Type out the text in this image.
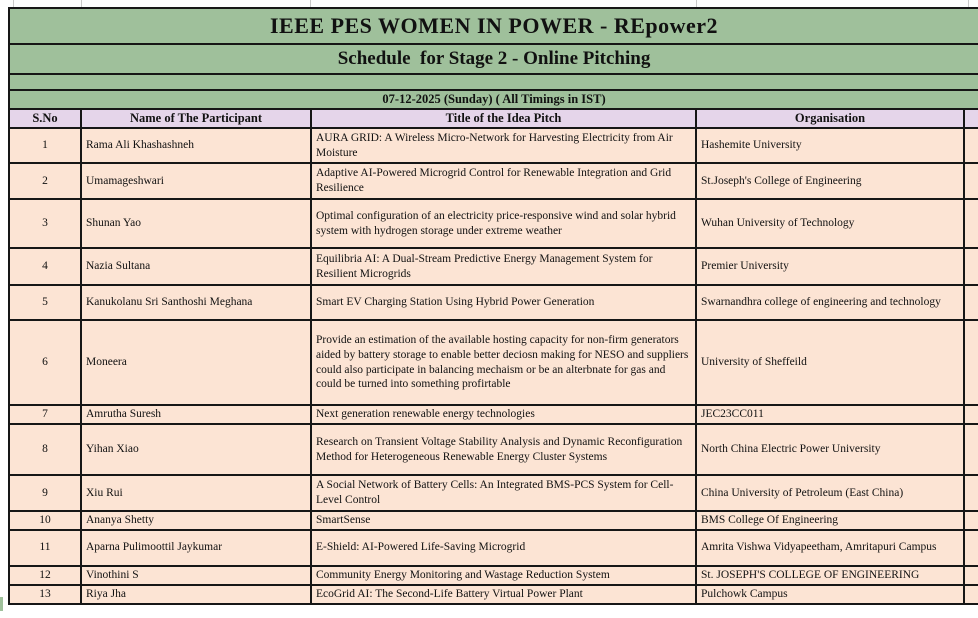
IEEE PES WOMEN IN POWER - REpower2				
Schedule  for Stage 2 - Online Pitching				

07-12-2025 (Sunday) ( All Timings in IST)				
S.No	Name of The Participant	Title of the Idea Pitch	Organisation	
1	Rama Ali Khashashneh	AURA GRID: A Wireless Micro-Network for Harvesting Electricity from Air Moisture	Hashemite University	
2	Umamageshwari	Adaptive AI-Powered Microgrid Control for Renewable Integration and Grid Resilience	St.Joseph's College of Engineering	
3	Shunan Yao	Optimal configuration of an electricity price-responsive wind and solar hybrid system with hydrogen storage under extreme weather	Wuhan University of Technology	
4	Nazia Sultana	Equilibria AI: A Dual-Stream Predictive Energy Management System for Resilient Microgrids	Premier University	
5	Kanukolanu Sri Santhoshi Meghana	Smart EV Charging Station Using Hybrid Power Generation	Swarnandhra college of engineering and technology	
6	Moneera	Provide an estimation of the available hosting capacity for non-firm generators aided by battery storage to enable better deciosn making for NESO and suppliers could also participate in balancing mechaism or be an alterbnate for gas and could be turned into something profirtable	University of Sheffeild	
7	Amrutha Suresh	Next generation renewable energy technologies	JEC23CC011	
8	Yihan Xiao	Research on Transient Voltage Stability Analysis and Dynamic Reconfiguration Method for Heterogeneous Renewable Energy Cluster Systems	North China Electric Power University	
9	Xiu Rui	A Social Network of Battery Cells: An Integrated BMS-PCS System for Cell-Level Control	China University of Petroleum (East China)	
10	Ananya Shetty	SmartSense	BMS College Of Engineering	
11	Aparna Pulimoottil Jaykumar	E-Shield: AI-Powered Life-Saving Microgrid	Amrita Vishwa Vidyapeetham, Amritapuri Campus	
12	Vinothini S	Community Energy Monitoring and Wastage Reduction System	St. JOSEPH'S COLLEGE OF ENGINEERING	
13	Riya Jha	EcoGrid AI: The Second-Life Battery Virtual Power Plant	Pulchowk Campus	
